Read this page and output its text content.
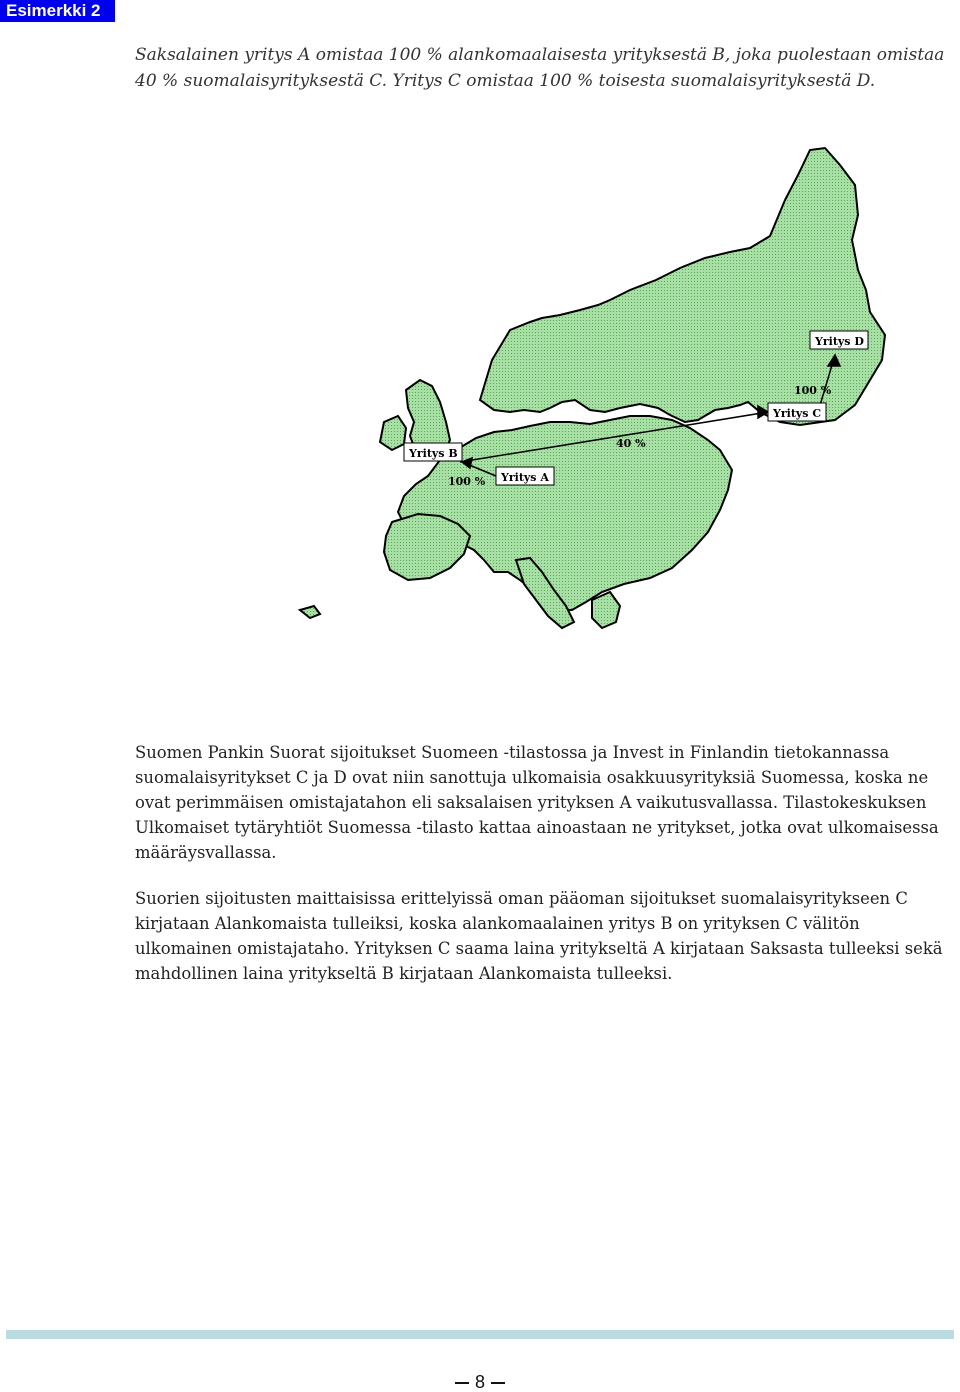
Esimerkki 2
Saksalainen yritys A omistaa 100 % alankomaalaisesta yrityksestä B, joka puolestaan omistaa 40 % suomalaisyrityksestä C. Yritys C omistaa 100 % toisesta suomalaisyrityksestä D.
Yritys B
Yritys A
Yritys C
Yritys D
100 %
40 %
100 %
Suomen Pankin Suorat sijoitukset Suomeen -tilastossa ja Invest in Finlandin tietokannassa suomalaisyritykset C ja D ovat niin sanottuja ulkomaisia osakkuusyrityksiä Suomessa, koska ne ovat perimmäisen omistajatahon eli saksalaisen yrityksen A vaikutusvallassa. Tilastokeskuksen Ulkomaiset tytäryhtiöt Suomessa -tilasto kattaa ainoastaan ne yritykset, jotka ovat ulkomaisessa määräysvallassa.
Suorien sijoitusten maittaisissa erittelyissä oman pääoman sijoitukset suomalaisyritykseen C kirjataan Alankomaista tulleiksi, koska alankomaalainen yritys B on yrityksen C välitön ulkomainen omistajataho. Yrityksen C saama laina yritykseltä A kirjataan Saksasta tulleeksi sekä mahdollinen laina yritykseltä B kirjataan Alankomaista tulleeksi.
8
